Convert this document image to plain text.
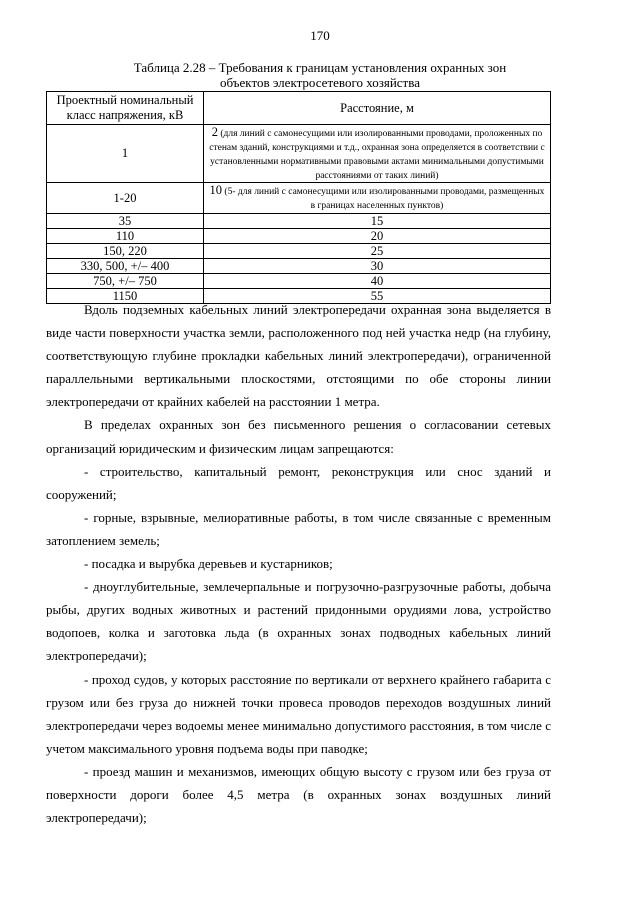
170
Таблица 2.28 – Требования к границам установления охранных зон
объектов электросетевого хозяйства
Проектный номинальный класс напряжения, кВ	Расстояние, м
1	2 (для линий с самонесущими или изолированными проводами, проложенных по стенам зданий, конструкциями и т.д., охранная зона определяется в соответствии с установленными нормативными правовыми актами минимальными допустимыми расстояниями от таких линий)
1-20	10 (5- для линий с самонесущими или изолированными проводами, размещенных в границах населенных пунктов)
35	15
110	20
150, 220	25
330, 500, +/– 400	30
750, +/– 750	40
1150	55

Вдоль подземных кабельных линий электропередачи охранная зона выделяется в виде части поверхности участка земли, расположенного под ней участка недр (на глубину, соответствующую глубине прокладки кабельных линий электропередачи), ограниченной параллельными вертикальными плоскостями, отстоящими по обе стороны линии электропередачи от крайних кабелей на расстоянии 1 метра.

В пределах охранных зон без письменного решения о согласовании сетевых организаций юридическим и физическим лицам запрещаются:

- строительство, капитальный ремонт, реконструкция или снос зданий и сооружений;

- горные, взрывные, мелиоративные работы, в том числе связанные с временным затоплением земель;

- посадка и вырубка деревьев и кустарников;

- дноуглубительные, землечерпальные и погрузочно-разгрузочные работы, добыча рыбы, других водных животных и растений придонными орудиями лова, устройство водопоев, колка и заготовка льда (в охранных зонах подводных кабельных линий электропередачи);

- проход судов, у которых расстояние по вертикали от верхнего крайнего габарита с грузом или без груза до нижней точки провеса проводов переходов воздушных линий электропередачи через водоемы менее минимально допустимого расстояния, в том числе с учетом максимального уровня подъема воды при паводке;

- проезд машин и механизмов, имеющих общую высоту с грузом или без груза от поверхности дороги более 4,5 метра (в охранных зонах воздушных линий электропередачи);
